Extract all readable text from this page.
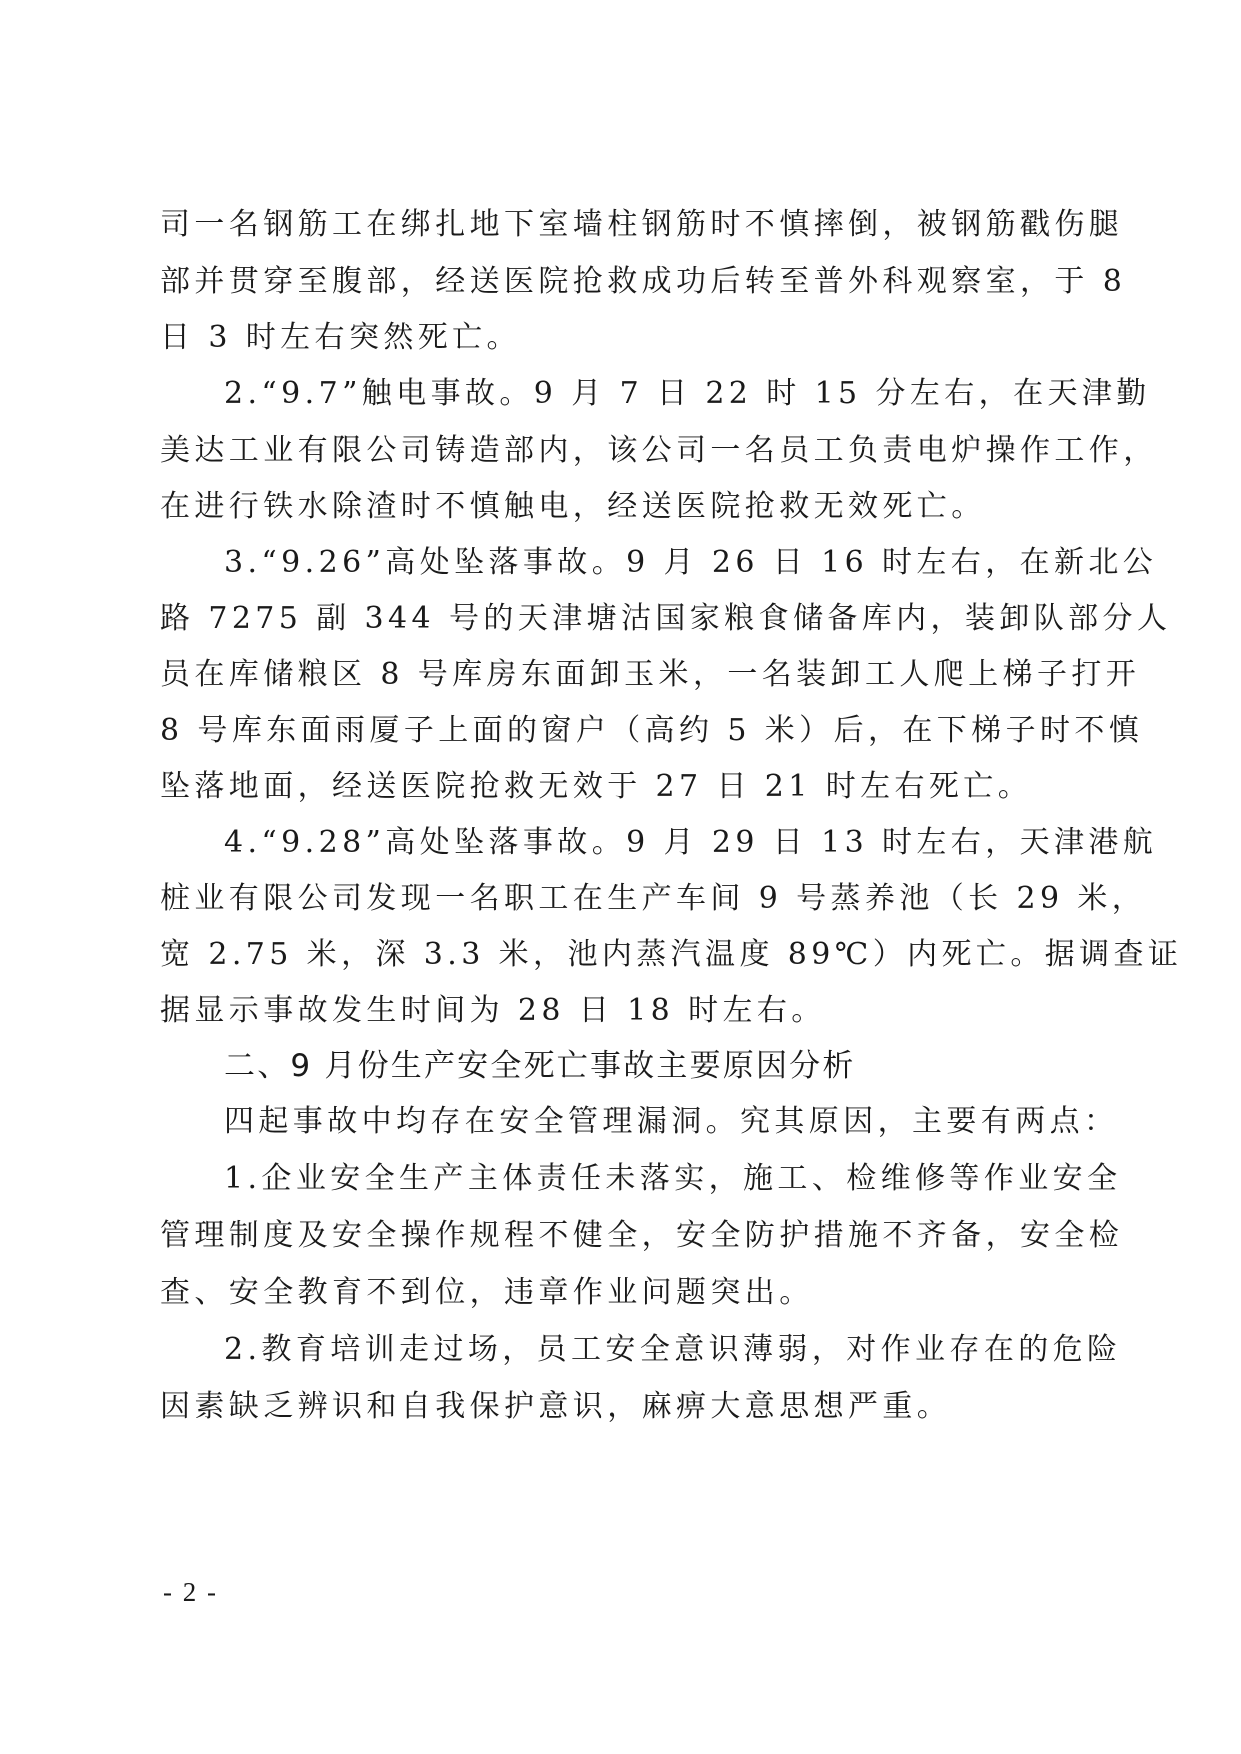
司一名钢筋工在绑扎地下室墙柱钢筋时不慎摔倒，被钢筋戳伤腿
部并贯穿至腹部，经送医院抢救成功后转至普外科观察室，于 8
日 3 时左右突然死亡。
2.“9.7”触电事故。9 月 7 日 22 时 15 分左右，在天津勤
美达工业有限公司铸造部内，该公司一名员工负责电炉操作工作，
在进行铁水除渣时不慎触电，经送医院抢救无效死亡。
3.“9.26”高处坠落事故。9 月 26 日 16 时左右，在新北公
路 7275 副 344 号的天津塘沽国家粮食储备库内，装卸队部分人
员在库储粮区 8 号库房东面卸玉米，一名装卸工人爬上梯子打开
8 号库东面雨厦子上面的窗户（高约 5 米）后，在下梯子时不慎
坠落地面，经送医院抢救无效于 27 日 21 时左右死亡。
4.“9.28”高处坠落事故。9 月 29 日 13 时左右，天津港航
桩业有限公司发现一名职工在生产车间 9 号蒸养池（长 29 米，
宽 2.75 米，深 3.3 米，池内蒸汽温度 89℃）内死亡。据调查证
据显示事故发生时间为 28 日 18 时左右。
二、9 月份生产安全死亡事故主要原因分析
四起事故中均存在安全管理漏洞。究其原因，主要有两点：
1.企业安全生产主体责任未落实，施工、检维修等作业安全
管理制度及安全操作规程不健全，安全防护措施不齐备，安全检
查、安全教育不到位，违章作业问题突出。
2.教育培训走过场，员工安全意识薄弱，对作业存在的危险
因素缺乏辨识和自我保护意识，麻痹大意思想严重。
- 2 -
